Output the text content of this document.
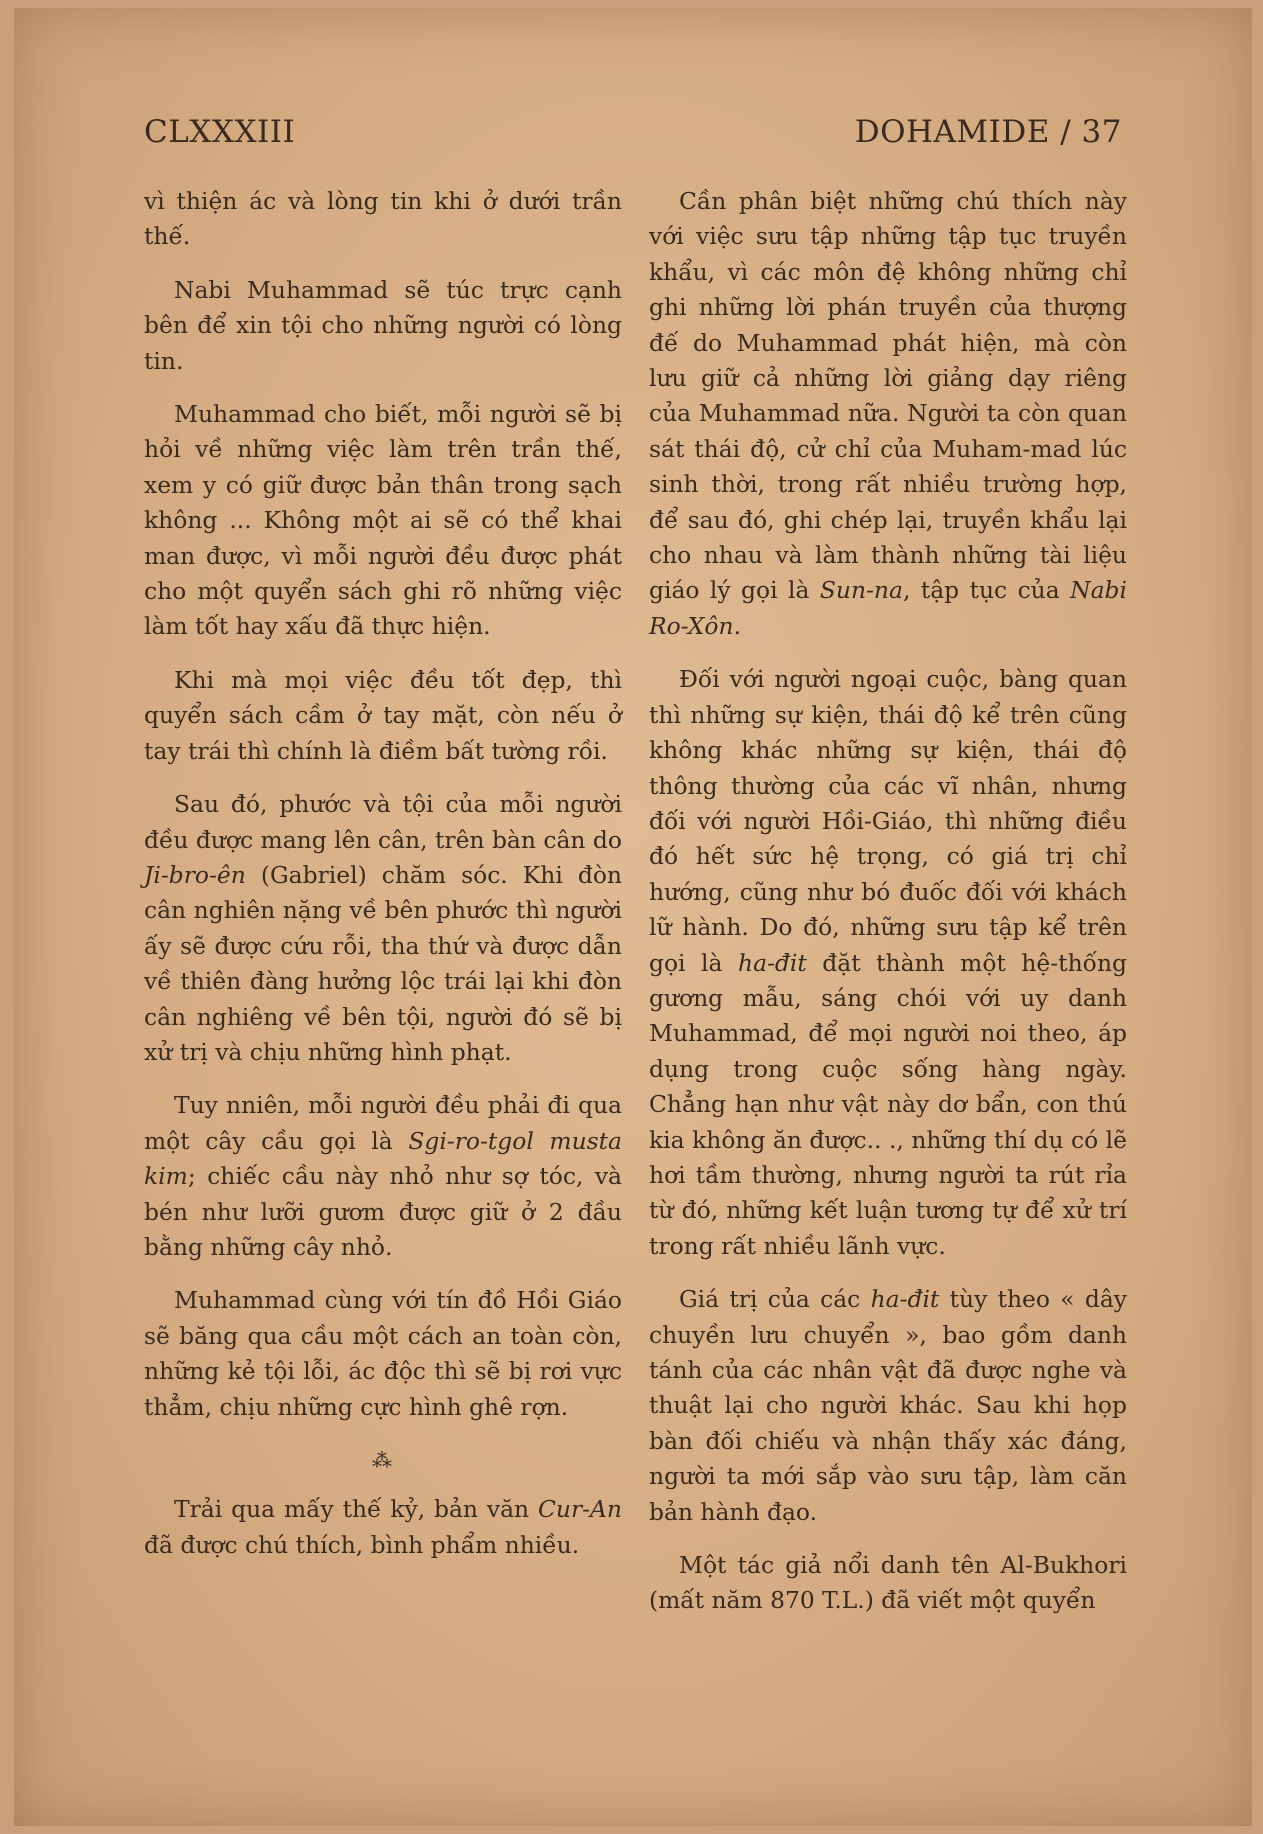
CLXXXIII	DOHAMIDE / 37

vì thiện ác và lòng tin khi ở dưới trần thế.

Nabi Muhammad sẽ túc trực cạnh bên để xin tội cho những người có lòng tin.

Muhammad cho biết, mỗi người sẽ bị hỏi về những việc làm trên trần thế, xem y có giữ được bản thân trong sạch không ... Không một ai sẽ có thể khai man được, vì mỗi người đều được phát cho một quyển sách ghi rõ những việc làm tốt hay xấu đã thực hiện.

Khi mà mọi việc đều tốt đẹp, thì quyển sách cầm ở tay mặt, còn nếu ở tay trái thì chính là điềm bất tường rồi.

Sau đó, phước và tội của mỗi người đều được mang lên cân, trên bàn cân do Ji-bro-ên (Gabriel) chăm sóc. Khi đòn cân nghiên nặng về bên phước thì người ấy sẽ được cứu rỗi, tha thứ và được dẫn về thiên đàng hưởng lộc trái lại khi đòn cân nghiêng về bên tội, người đó sẽ bị xử trị và chịu những hình phạt.

Tuy nniên, mỗi người đều phải đi qua một cây cầu gọi là Sgi-ro-tgol musta kim; chiếc cầu này nhỏ như sợ tóc, và bén như lưỡi gươm được giữ ở 2 đầu bằng những cây nhỏ.

Muhammad cùng với tín đồ Hồi Giáo sẽ băng qua cầu một cách an toàn còn, những kẻ tội lỗi, ác độc thì sẽ bị rơi vực thẳm, chịu những cực hình ghê rợn.

⁂

Trải qua mấy thế kỷ, bản văn Cur-An đã được chú thích, bình phẩm nhiều.

Cần phân biệt những chú thích này với việc sưu tập những tập tục truyền khẩu, vì các môn đệ không những chỉ ghi những lời phán truyền của thượng đế do Muhammad phát hiện, mà còn lưu giữ cả những lời giảng dạy riêng của Muhammad nữa. Người ta còn quan sát thái độ, cử chỉ của Muham-mad lúc sinh thời, trong rất nhiều trường hợp, để sau đó, ghi chép lại, truyền khẩu lại cho nhau và làm thành những tài liệu giáo lý gọi là Sun-na, tập tục của Nabi Ro-Xôn.

Đối với người ngoại cuộc, bàng quan thì những sự kiện, thái độ kể trên cũng không khác những sự kiện, thái độ thông thường của các vĩ nhân, nhưng đối với người Hồi-Giáo, thì những điều đó hết sức hệ trọng, có giá trị chỉ hướng, cũng như bó đuốc đối với khách lữ hành. Do đó, những sưu tập kể trên gọi là ha-đit đặt thành một hệ-thống gương mẫu, sáng chói với uy danh Muhammad, để mọi người noi theo, áp dụng trong cuộc sống hàng ngày. Chẳng hạn như vật này dơ bẩn, con thú kia không ăn được.. ., những thí dụ có lẽ hơi tầm thường, nhưng người ta rút rỉa từ đó, những kết luận tương tự để xử trí trong rất nhiều lãnh vực.

Giá trị của các ha-đit tùy theo « dây chuyền lưu chuyển », bao gồm danh tánh của các nhân vật đã được nghe và thuật lại cho người khác. Sau khi họp bàn đối chiếu và nhận thấy xác đáng, người ta mới sắp vào sưu tập, làm căn bản hành đạo.

Một tác giả nổi danh tên Al-Bukhori (mất năm 870 T.L.) đã viết một quyển
